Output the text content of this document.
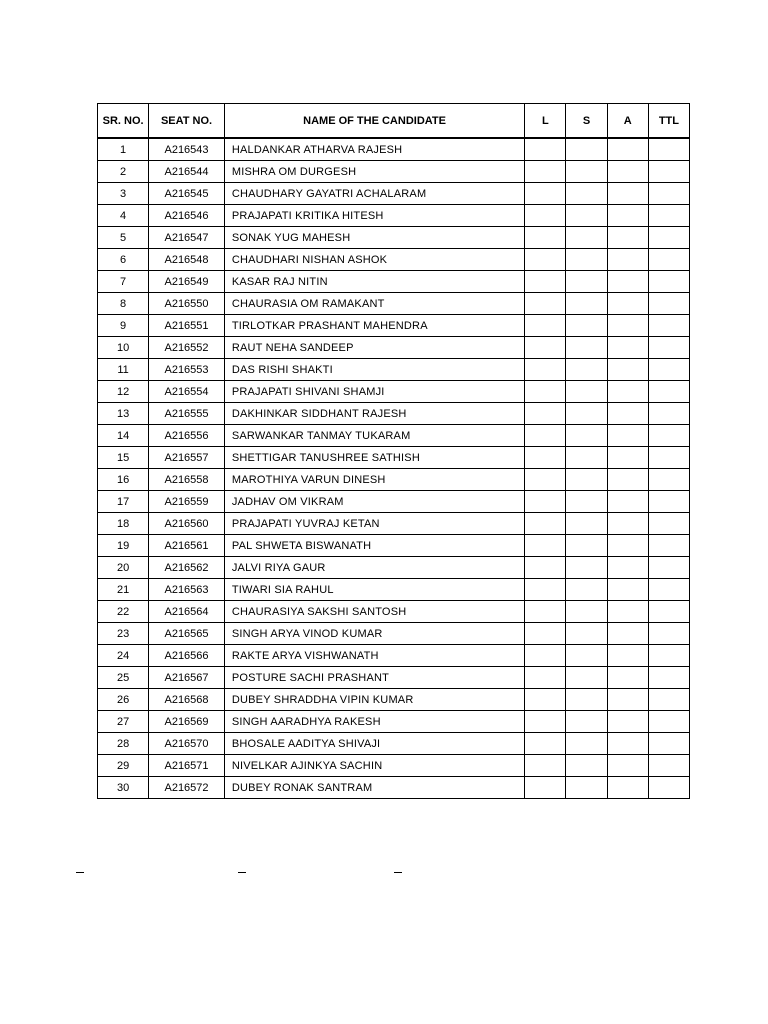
SR. NO.	SEAT NO.	NAME OF THE CANDIDATE	L	S	A	TTL
1	A216543	HALDANKAR ATHARVA RAJESH				
2	A216544	MISHRA OM DURGESH				
3	A216545	CHAUDHARY GAYATRI ACHALARAM				
4	A216546	PRAJAPATI KRITIKA HITESH				
5	A216547	SONAK YUG MAHESH				
6	A216548	CHAUDHARI NISHAN ASHOK				
7	A216549	KASAR RAJ NITIN				
8	A216550	CHAURASIA OM RAMAKANT				
9	A216551	TIRLOTKAR PRASHANT MAHENDRA				
10	A216552	RAUT NEHA SANDEEP				
11	A216553	DAS RISHI SHAKTI				
12	A216554	PRAJAPATI SHIVANI SHAMJI				
13	A216555	DAKHINKAR SIDDHANT RAJESH				
14	A216556	SARWANKAR TANMAY TUKARAM				
15	A216557	SHETTIGAR TANUSHREE SATHISH				
16	A216558	MAROTHIYA VARUN DINESH				
17	A216559	JADHAV OM VIKRAM				
18	A216560	PRAJAPATI YUVRAJ KETAN				
19	A216561	PAL SHWETA BISWANATH				
20	A216562	JALVI RIYA GAUR				
21	A216563	TIWARI SIA RAHUL				
22	A216564	CHAURASIYA SAKSHI SANTOSH				
23	A216565	SINGH ARYA VINOD KUMAR				
24	A216566	RAKTE ARYA VISHWANATH				
25	A216567	POSTURE SACHI PRASHANT				
26	A216568	DUBEY SHRADDHA VIPIN KUMAR				
27	A216569	SINGH AARADHYA RAKESH				
28	A216570	BHOSALE AADITYA SHIVAJI				
29	A216571	NIVELKAR AJINKYA SACHIN				
30	A216572	DUBEY RONAK SANTRAM				
